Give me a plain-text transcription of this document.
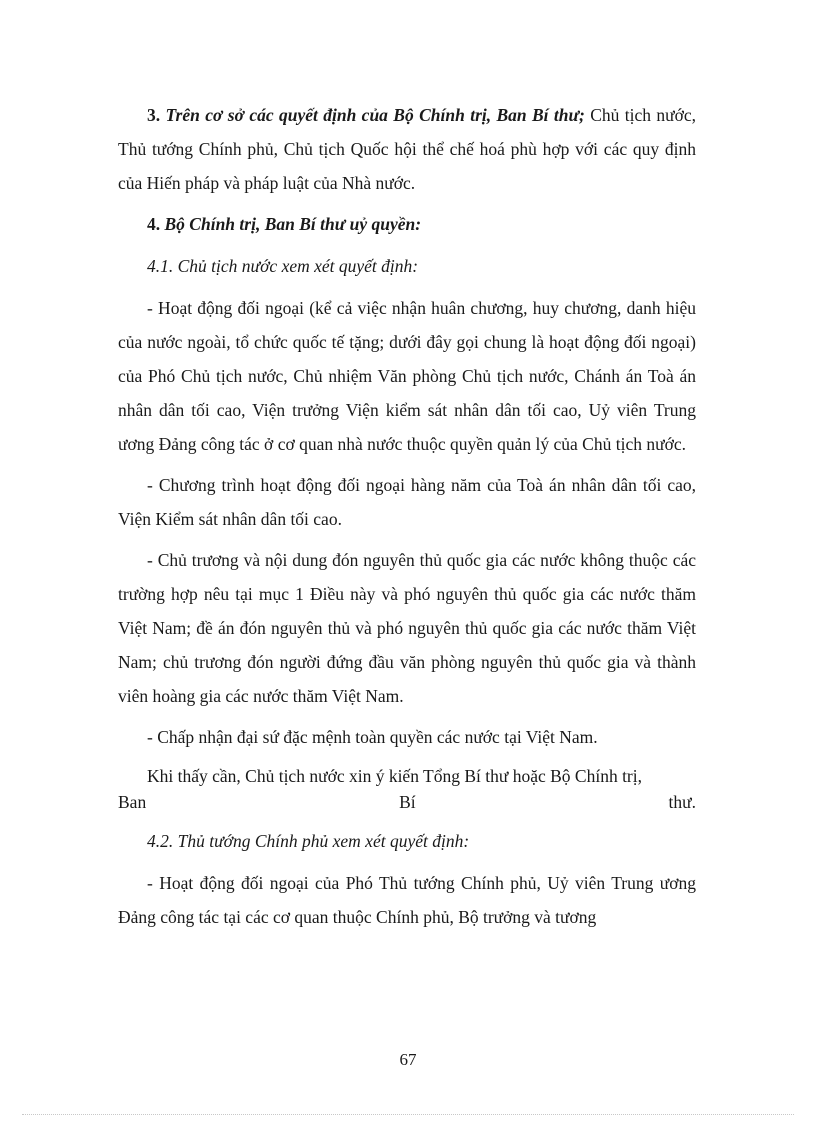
3. Trên cơ sở các quyết định của Bộ Chính trị, Ban Bí thư; Chủ tịch nước, Thủ tướng Chính phủ, Chủ tịch Quốc hội thể chế hoá phù hợp với các quy định của Hiến pháp và pháp luật của Nhà nước.

4. Bộ Chính trị, Ban Bí thư uỷ quyền:

4.1. Chủ tịch nước xem xét quyết định:

- Hoạt động đối ngoại (kể cả việc nhận huân chương, huy chương, danh hiệu của nước ngoài, tổ chức quốc tế tặng; dưới đây gọi chung là hoạt động đối ngoại) của Phó Chủ tịch nước, Chủ nhiệm Văn phòng Chủ tịch nước, Chánh án Toà án nhân dân tối cao, Viện trưởng Viện kiểm sát nhân dân tối cao, Uỷ viên Trung ương Đảng công tác ở cơ quan nhà nước thuộc quyền quản lý của Chủ tịch nước.

- Chương trình hoạt động đối ngoại hàng năm của Toà án nhân dân tối cao, Viện Kiểm sát nhân dân tối cao.

- Chủ trương và nội dung đón nguyên thủ quốc gia các nước không thuộc các trường hợp nêu tại mục 1 Điều này và phó nguyên thủ quốc gia các nước thăm Việt Nam; đề án đón nguyên thủ và phó nguyên thủ quốc gia các nước thăm Việt Nam; chủ trương đón người đứng đầu văn phòng nguyên thủ quốc gia và thành viên hoàng gia các nước thăm Việt Nam.

- Chấp nhận đại sứ đặc mệnh toàn quyền các nước tại Việt Nam.

Khi thấy cần, Chủ tịch nước xin ý kiến Tổng Bí thư hoặc Bộ Chính trị,

Ban	Bí	thư.

4.2. Thủ tướng Chính phủ xem xét quyết định:

- Hoạt động đối ngoại của Phó Thủ tướng Chính phủ, Uỷ viên Trung ương Đảng công tác tại các cơ quan thuộc Chính phủ, Bộ trưởng và tương

67
